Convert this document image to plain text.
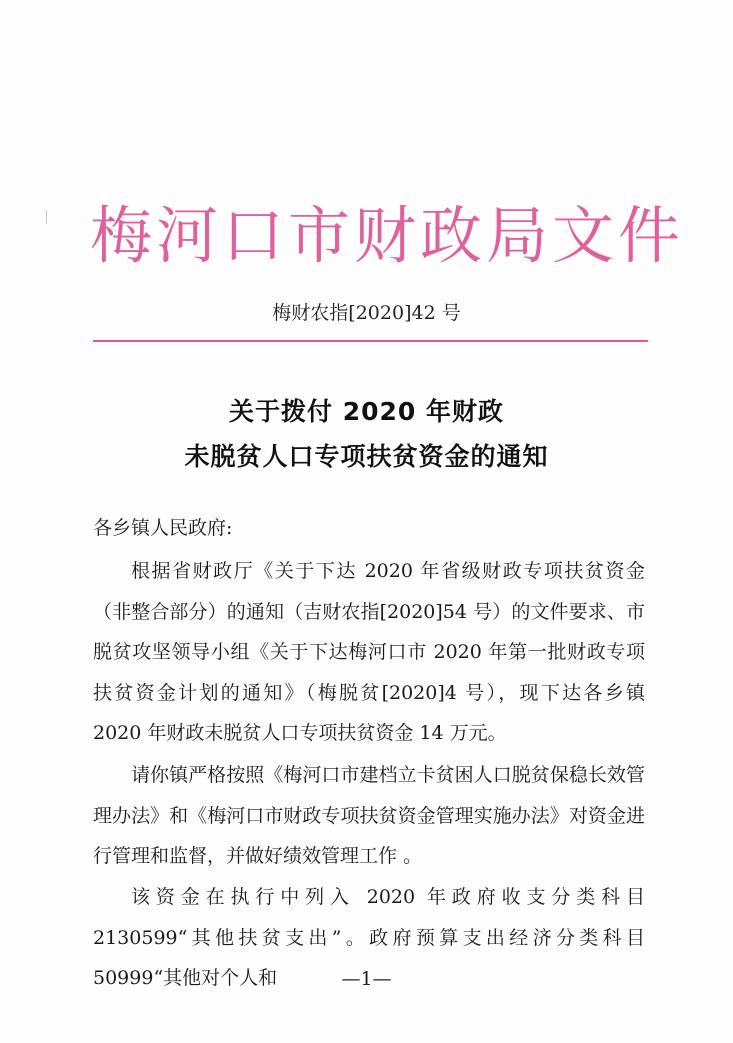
梅河口市财政局文件
梅财农指[2020]42 号
关于拨付 2020 年财政
未脱贫人口专项扶贫资金的通知
各乡镇人民政府:

根据省财政厅《关于下达 2020 年省级财政专项扶贫资金（非整合部分）的通知（吉财农指[2020]54 号）的文件要求、市脱贫攻坚领导小组《关于下达梅河口市 2020 年第一批财政专项扶贫资金计划的通知》（梅脱贫[2020]4 号），现下达各乡镇 2020 年财政未脱贫人口专项扶贫资金 14 万元。

请你镇严格按照《梅河口市建档立卡贫困人口脱贫保稳长效管理办法》和《梅河口市财政专项扶贫资金管理实施办法》对资金进行管理和监督，并做好绩效管理工作 。

该资金在执行中列入 2020 年政府收支分类科目 2130599“其他扶贫支出”。政府预算支出经济分类科目 50999“其他对个人和	—1—
